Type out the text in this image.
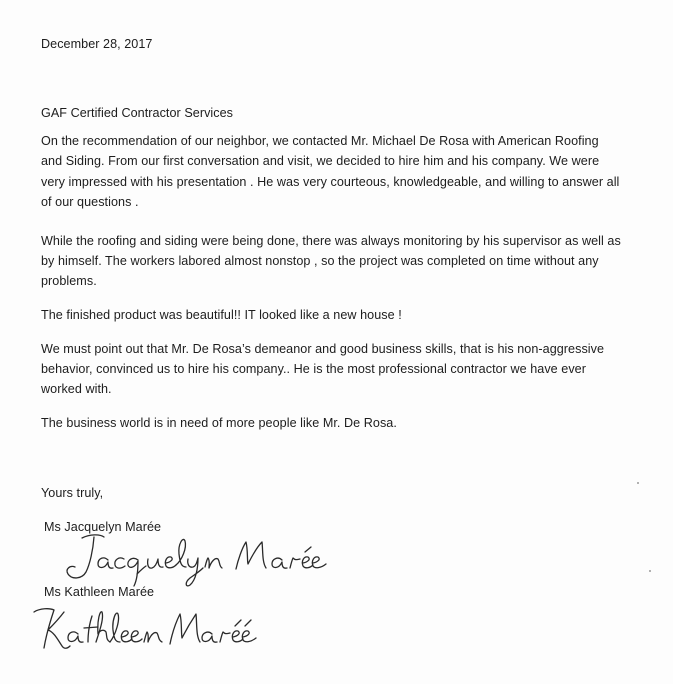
December 28, 2017
GAF Certified Contractor Services
On the recommendation of our neighbor, we contacted Mr. Michael De Rosa with American Roofing
and Siding. From our first conversation and visit, we decided to hire him and his company. We were
very impressed with his presentation . He was very courteous, knowledgeable, and willing to answer all
of our questions .
While the roofing and siding were being done, there was always monitoring by his supervisor as well as
by himself. The workers labored almost nonstop , so the project was completed on time without any
problems.
The finished product was beautiful!! IT looked like a new house !
We must point out that Mr. De Rosa’s demeanor and good business skills, that is his non-aggressive
behavior, convinced us to hire his company.. He is the most professional contractor we have ever
worked with.
The business world is in need of more people like Mr. De Rosa.
Yours truly,
Ms Jacquelyn Marée
Ms Kathleen Marée
